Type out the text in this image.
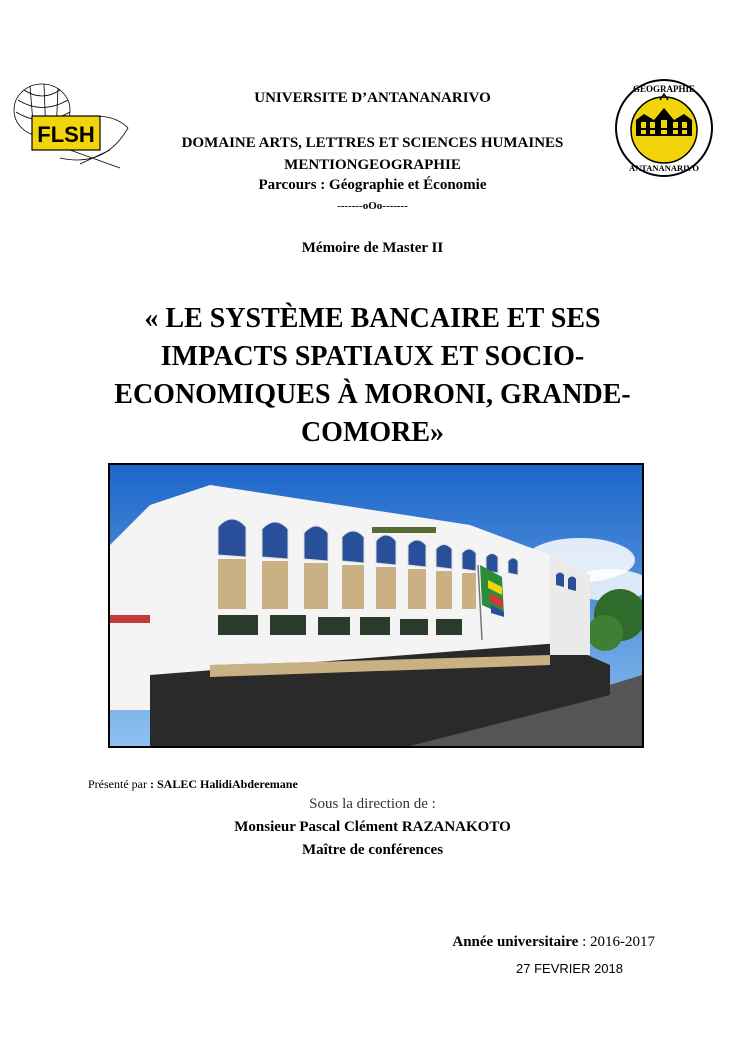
FLSH
GEOGRAPHIE
ANTANANARIVO
UNIVERSITE D’ANTANANARIVO
DOMAINE ARTS, LETTRES ET SCIENCES HUMAINES
MENTIONGEOGRAPHIE
Parcours : Géographie et Économie
-------oOo-------
Mémoire de Master II
« LE SYSTÈME BANCAIRE ET SES
IMPACTS SPATIAUX ET SOCIO-
ECONOMIQUES À MORONI, GRANDE-
COMORE»
Présenté par : SALEC HalidiAbderemane
Sous la direction de :
Monsieur Pascal Clément RAZANAKOTO
Maître de conférences
Année universitaire : 2016-2017
27 FEVRIER 2018
